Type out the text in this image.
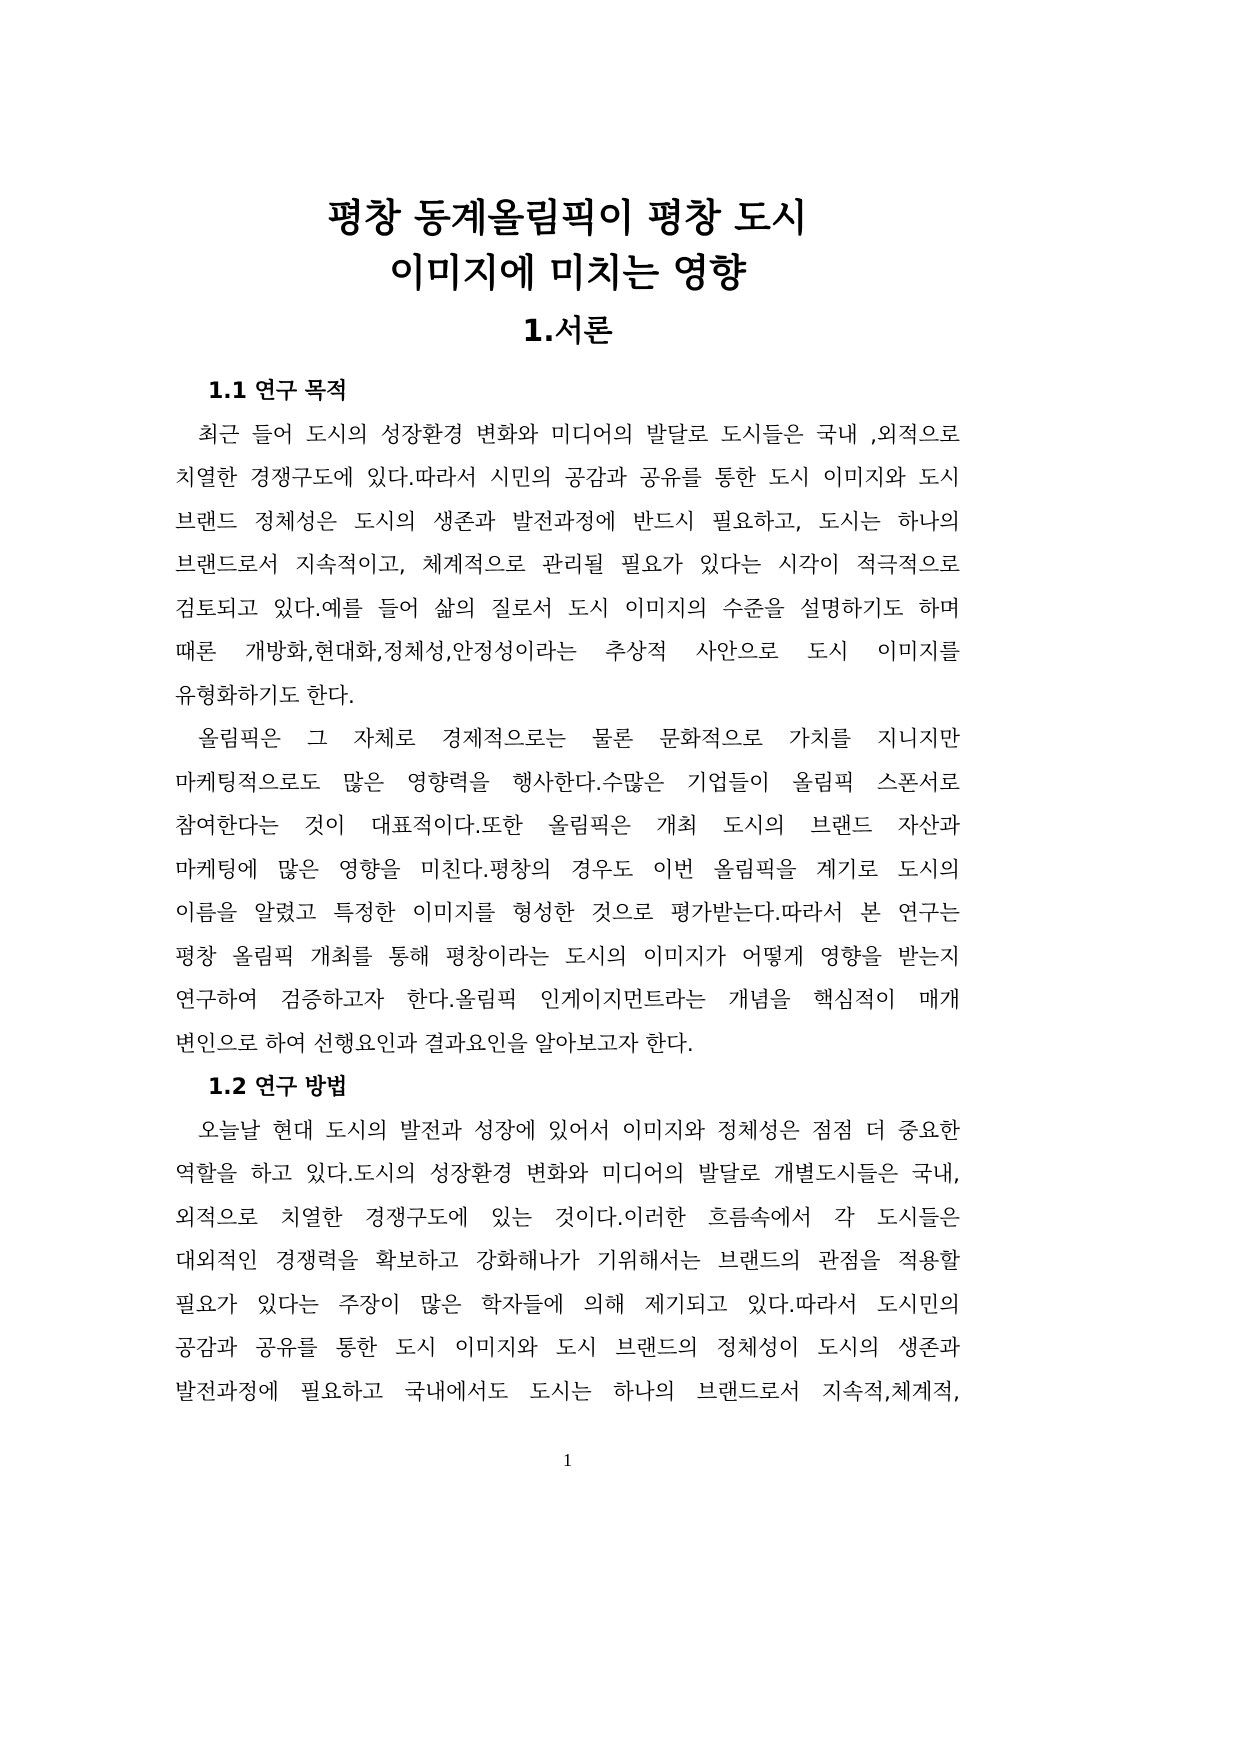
평창 동계올림픽이 평창 도시
이미지에 미치는 영향
1.서론
1.1 연구 목적
최근 들어 도시의 성장환경 변화와 미디어의 발달로 도시들은 국내 ,외적으로
치열한 경쟁구도에 있다.따라서 시민의 공감과 공유를 통한 도시 이미지와 도시
브랜드 정체성은 도시의 생존과 발전과정에 반드시 필요하고, 도시는 하나의
브랜드로서 지속적이고, 체계적으로 관리될 필요가 있다는 시각이 적극적으로
검토되고 있다.예를 들어 삶의 질로서 도시 이미지의 수준을 설명하기도 하며
때론 개방화,현대화,정체성,안정성이라는 추상적 사안으로 도시 이미지를
유형화하기도 한다.
올림픽은 그 자체로 경제적으로는 물론 문화적으로 가치를 지니지만
마케팅적으로도 많은 영향력을 행사한다.수많은 기업들이 올림픽 스폰서로
참여한다는 것이 대표적이다.또한 올림픽은 개최 도시의 브랜드 자산과
마케팅에 많은 영향을 미친다.평창의 경우도 이번 올림픽을 계기로 도시의
이름을 알렸고 특정한 이미지를 형성한 것으로 평가받는다.따라서 본 연구는
평창 올림픽 개최를 통해 평창이라는 도시의 이미지가 어떻게 영향을 받는지
연구하여 검증하고자 한다.올림픽 인게이지먼트라는 개념을 핵심적이 매개
변인으로 하여 선행요인과 결과요인을 알아보고자 한다.
1.2 연구 방법
오늘날 현대 도시의 발전과 성장에 있어서 이미지와 정체성은 점점 더 중요한
역할을 하고 있다.도시의 성장환경 변화와 미디어의 발달로 개별도시들은 국내,
외적으로 치열한 경쟁구도에 있는 것이다.이러한 흐름속에서 각 도시들은
대외적인 경쟁력을 확보하고 강화해나가 기위해서는 브랜드의 관점을 적용할
필요가 있다는 주장이 많은 학자들에 의해 제기되고 있다.따라서 도시민의
공감과 공유를 통한 도시 이미지와 도시 브랜드의 정체성이 도시의 생존과
발전과정에 필요하고 국내에서도 도시는 하나의 브랜드로서 지속적,체계적,
1
